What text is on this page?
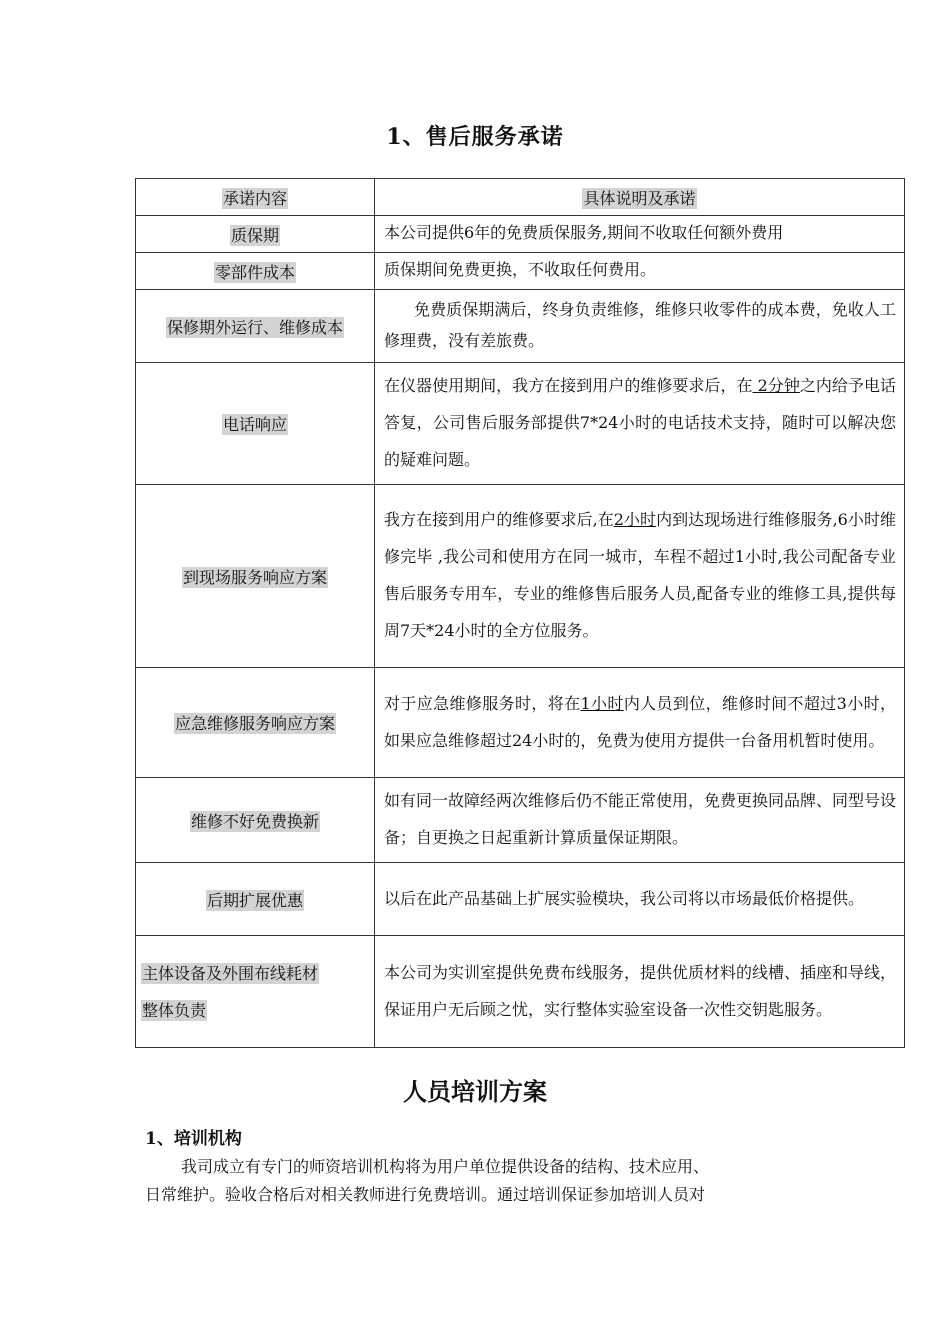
1、售后服务承诺
承诺内容	具体说明及承诺
质保期	本公司提供6年的免费质保服务,期间不收取任何额外费用
零部件成本	质保期间免费更换，不收取任何费用。
保修期外运行、维修成本	免费质保期满后，终身负责维修，维修只收零件的成本费，免收人工修理费，没有差旅费。
电话响应	在仪器使用期间，我方在接到用户的维修要求后，在 2分钟之内给予电话答复，公司售后服务部提供7*24小时的电话技术支持，随时可以解决您的疑难问题。
到现场服务响应方案	我方在接到用户的维修要求后,在2小时内到达现场进行维修服务,6小时维修完毕 ,我公司和使用方在同一城市，车程不超过1小时,我公司配备专业售后服务专用车，专业的维修售后服务人员,配备专业的维修工具,提供每周7天*24小时的全方位服务。
应急维修服务响应方案	对于应急维修服务时，将在1小时内人员到位，维修时间不超过3小时，如果应急维修超过24小时的，免费为使用方提供一台备用机暂时使用。
维修不好免费换新	如有同一故障经两次维修后仍不能正常使用，免费更换同品牌、同型号设备；自更换之日起重新计算质量保证期限。
后期扩展优惠	以后在此产品基础上扩展实验模块，我公司将以市场最低价格提供。
主体设备及外围布线耗材
整体负责	本公司为实训室提供免费布线服务，提供优质材料的线槽、插座和导线，保证用户无后顾之忧，实行整体实验室设备一次性交钥匙服务。
人员培训方案
1、培训机构
我司成立有专门的师资培训机构将为用户单位提供设备的结构、技术应用、
日常维护。验收合格后对相关教师进行免费培训。通过培训保证参加培训人员对
